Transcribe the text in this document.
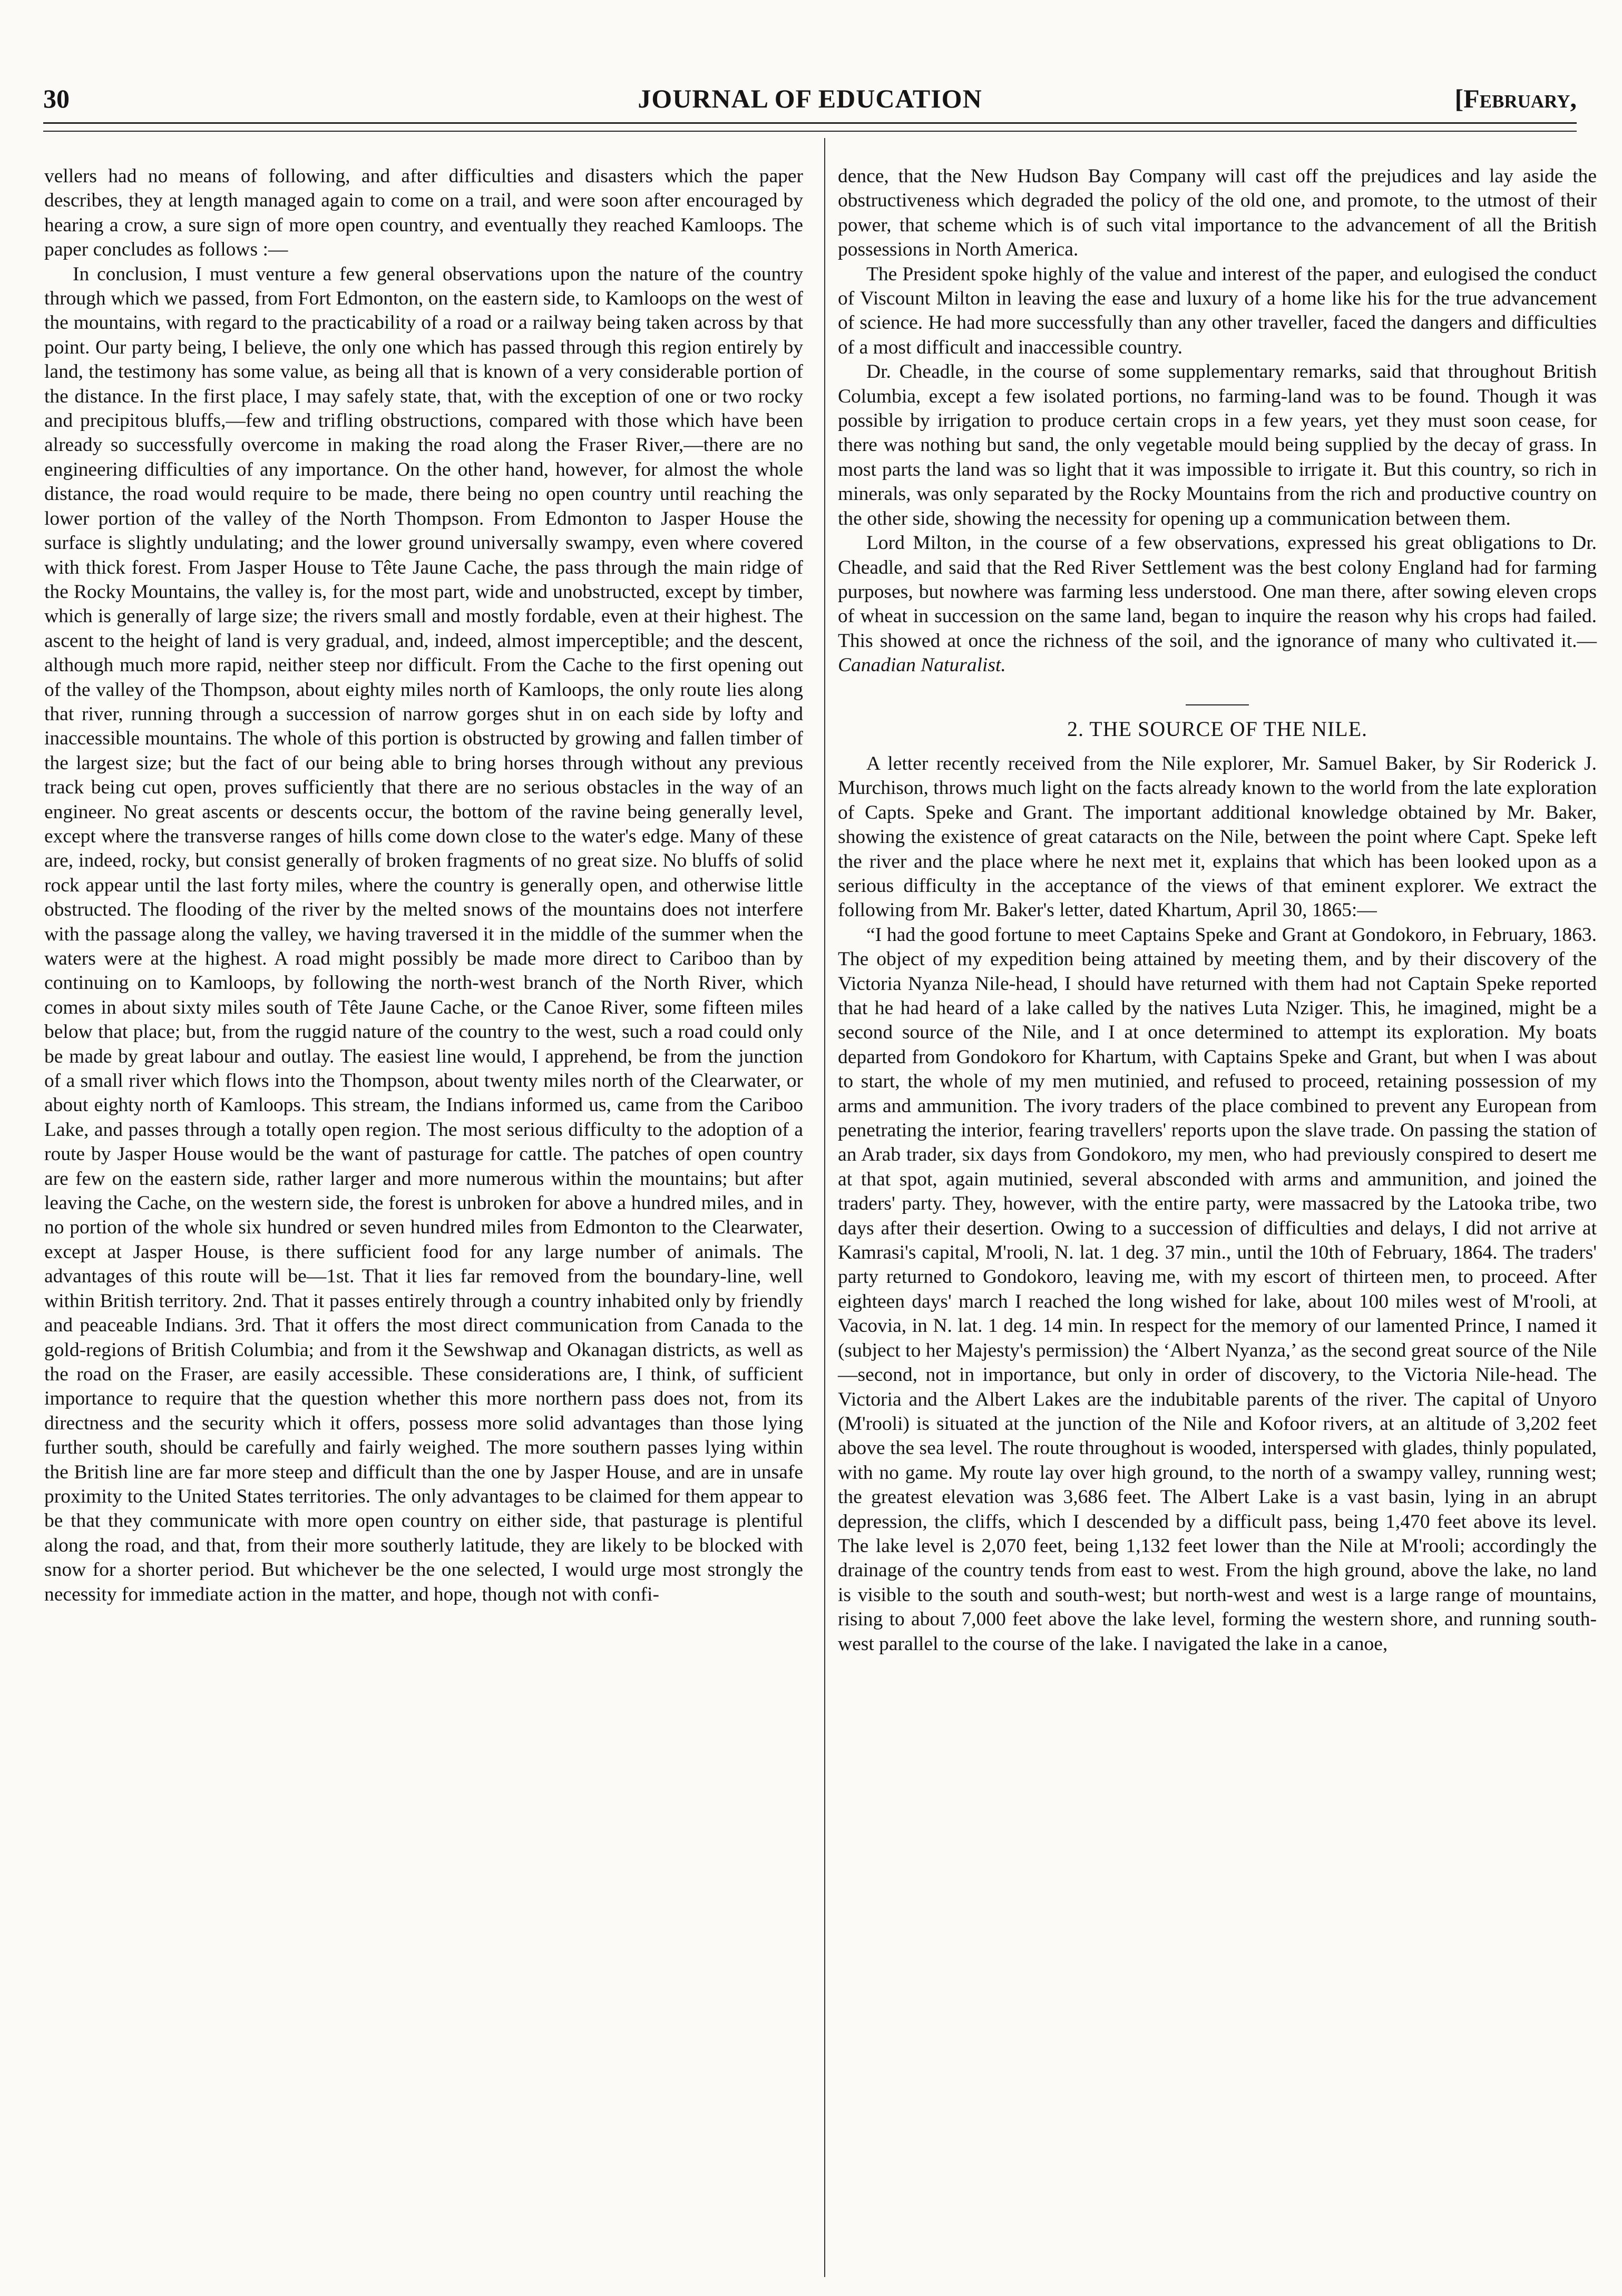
30	JOURNAL OF EDUCATION	[February,

vellers had no means of following, and after difficulties and disasters which the paper describes, they at length managed again to come on a trail, and were soon after encouraged by hearing a crow, a sure sign of more open country, and eventually they reached Kamloops. The paper concludes as follows :—

In conclusion, I must venture a few general observations upon the nature of the country through which we passed, from Fort Edmonton, on the eastern side, to Kamloops on the west of the mountains, with regard to the practicability of a road or a railway being taken across by that point. Our party being, I believe, the only one which has passed through this region entirely by land, the testimony has some value, as being all that is known of a very considerable portion of the distance. In the first place, I may safely state, that, with the exception of one or two rocky and precipitous bluffs,—few and trifling obstructions, compared with those which have been already so successfully overcome in making the road along the Fraser River,—there are no engineering difficulties of any importance. On the other hand, however, for almost the whole distance, the road would require to be made, there being no open country until reaching the lower portion of the valley of the North Thompson. From Edmonton to Jasper House the surface is slightly undulating; and the lower ground universally swampy, even where covered with thick forest. From Jasper House to Tête Jaune Cache, the pass through the main ridge of the Rocky Mountains, the valley is, for the most part, wide and unobstructed, except by timber, which is generally of large size; the rivers small and mostly fordable, even at their highest. The ascent to the height of land is very gradual, and, indeed, almost imperceptible; and the descent, although much more rapid, neither steep nor difficult. From the Cache to the first opening out of the valley of the Thompson, about eighty miles north of Kamloops, the only route lies along that river, running through a succession of narrow gorges shut in on each side by lofty and inaccessible mountains. The whole of this portion is obstructed by growing and fallen timber of the largest size; but the fact of our being able to bring horses through without any previous track being cut open, proves sufficiently that there are no serious obstacles in the way of an engineer. No great ascents or descents occur, the bottom of the ravine being generally level, except where the transverse ranges of hills come down close to the water's edge. Many of these are, indeed, rocky, but consist generally of broken fragments of no great size. No bluffs of solid rock appear until the last forty miles, where the country is generally open, and otherwise little obstructed. The flooding of the river by the melted snows of the mountains does not interfere with the passage along the valley, we having traversed it in the middle of the summer when the waters were at the highest. A road might possibly be made more direct to Cariboo than by continuing on to Kamloops, by following the north-west branch of the North River, which comes in about sixty miles south of Tête Jaune Cache, or the Canoe River, some fifteen miles below that place; but, from the ruggid nature of the country to the west, such a road could only be made by great labour and outlay. The easiest line would, I apprehend, be from the junction of a small river which flows into the Thompson, about twenty miles north of the Clearwater, or about eighty north of Kamloops. This stream, the Indians informed us, came from the Cariboo Lake, and passes through a totally open region. The most serious difficulty to the adoption of a route by Jasper House would be the want of pasturage for cattle. The patches of open country are few on the eastern side, rather larger and more numerous within the mountains; but after leaving the Cache, on the western side, the forest is unbroken for above a hundred miles, and in no portion of the whole six hundred or seven hundred miles from Edmonton to the Clearwater, except at Jasper House, is there sufficient food for any large number of animals. The advantages of this route will be—1st. That it lies far removed from the boundary-line, well within British territory. 2nd. That it passes entirely through a country inhabited only by friendly and peaceable Indians. 3rd. That it offers the most direct communication from Canada to the gold-regions of British Columbia; and from it the Sewshwap and Okanagan districts, as well as the road on the Fraser, are easily accessible. These considerations are, I think, of sufficient importance to require that the question whether this more northern pass does not, from its directness and the security which it offers, possess more solid advantages than those lying further south, should be carefully and fairly weighed. The more southern passes lying within the British line are far more steep and difficult than the one by Jasper House, and are in unsafe proximity to the United States territories. The only advantages to be claimed for them appear to be that they communicate with more open country on either side, that pasturage is plentiful along the road, and that, from their more southerly latitude, they are likely to be blocked with snow for a shorter period. But whichever be the one selected, I would urge most strongly the necessity for immediate action in the matter, and hope, though not with confi-

dence, that the New Hudson Bay Company will cast off the prejudices and lay aside the obstructiveness which degraded the policy of the old one, and promote, to the utmost of their power, that scheme which is of such vital importance to the advancement of all the British possessions in North America.

The President spoke highly of the value and interest of the paper, and eulogised the conduct of Viscount Milton in leaving the ease and luxury of a home like his for the true advancement of science. He had more successfully than any other traveller, faced the dangers and difficulties of a most difficult and inaccessible country.

Dr. Cheadle, in the course of some supplementary remarks, said that throughout British Columbia, except a few isolated portions, no farming-land was to be found. Though it was possible by irrigation to produce certain crops in a few years, yet they must soon cease, for there was nothing but sand, the only vegetable mould being supplied by the decay of grass. In most parts the land was so light that it was impossible to irrigate it. But this country, so rich in minerals, was only separated by the Rocky Mountains from the rich and productive country on the other side, showing the necessity for opening up a communication between them.

Lord Milton, in the course of a few observations, expressed his great obligations to Dr. Cheadle, and said that the Red River Settlement was the best colony England had for farming purposes, but nowhere was farming less understood. One man there, after sowing eleven crops of wheat in succession on the same land, began to inquire the reason why his crops had failed. This showed at once the richness of the soil, and the ignorance of many who cultivated it.—Canadian Naturalist.

2. THE SOURCE OF THE NILE.

A letter recently received from the Nile explorer, Mr. Samuel Baker, by Sir Roderick J. Murchison, throws much light on the facts already known to the world from the late exploration of Capts. Speke and Grant. The important additional knowledge obtained by Mr. Baker, showing the existence of great cataracts on the Nile, between the point where Capt. Speke left the river and the place where he next met it, explains that which has been looked upon as a serious difficulty in the acceptance of the views of that eminent explorer. We extract the following from Mr. Baker's letter, dated Khartum, April 30, 1865:—

“I had the good fortune to meet Captains Speke and Grant at Gondokoro, in February, 1863. The object of my expedition being attained by meeting them, and by their discovery of the Victoria Nyanza Nile-head, I should have returned with them had not Captain Speke reported that he had heard of a lake called by the natives Luta Nziger. This, he imagined, might be a second source of the Nile, and I at once determined to attempt its exploration. My boats departed from Gondokoro for Khartum, with Captains Speke and Grant, but when I was about to start, the whole of my men mutinied, and refused to proceed, retaining possession of my arms and ammunition. The ivory traders of the place combined to prevent any European from penetrating the interior, fearing travellers' reports upon the slave trade. On passing the station of an Arab trader, six days from Gondokoro, my men, who had previously conspired to desert me at that spot, again mutinied, several absconded with arms and ammunition, and joined the traders' party. They, however, with the entire party, were massacred by the Latooka tribe, two days after their desertion. Owing to a succession of difficulties and delays, I did not arrive at Kamrasi's capital, M'rooli, N. lat. 1 deg. 37 min., until the 10th of February, 1864. The traders' party returned to Gondokoro, leaving me, with my escort of thirteen men, to proceed. After eighteen days' march I reached the long wished for lake, about 100 miles west of M'rooli, at Vacovia, in N. lat. 1 deg. 14 min. In respect for the memory of our lamented Prince, I named it (subject to her Majesty's permission) the ‘Albert Nyanza,’ as the second great source of the Nile—second, not in importance, but only in order of discovery, to the Victoria Nile-head. The Victoria and the Albert Lakes are the indubitable parents of the river. The capital of Unyoro (M'rooli) is situated at the junction of the Nile and Kofoor rivers, at an altitude of 3,202 feet above the sea level. The route throughout is wooded, interspersed with glades, thinly populated, with no game. My route lay over high ground, to the north of a swampy valley, running west; the greatest elevation was 3,686 feet. The Albert Lake is a vast basin, lying in an abrupt depression, the cliffs, which I descended by a difficult pass, being 1,470 feet above its level. The lake level is 2,070 feet, being 1,132 feet lower than the Nile at M'rooli; accordingly the drainage of the country tends from east to west. From the high ground, above the lake, no land is visible to the south and south-west; but north-west and west is a large range of mountains, rising to about 7,000 feet above the lake level, forming the western shore, and running south-west parallel to the course of the lake. I navigated the lake in a canoe,
